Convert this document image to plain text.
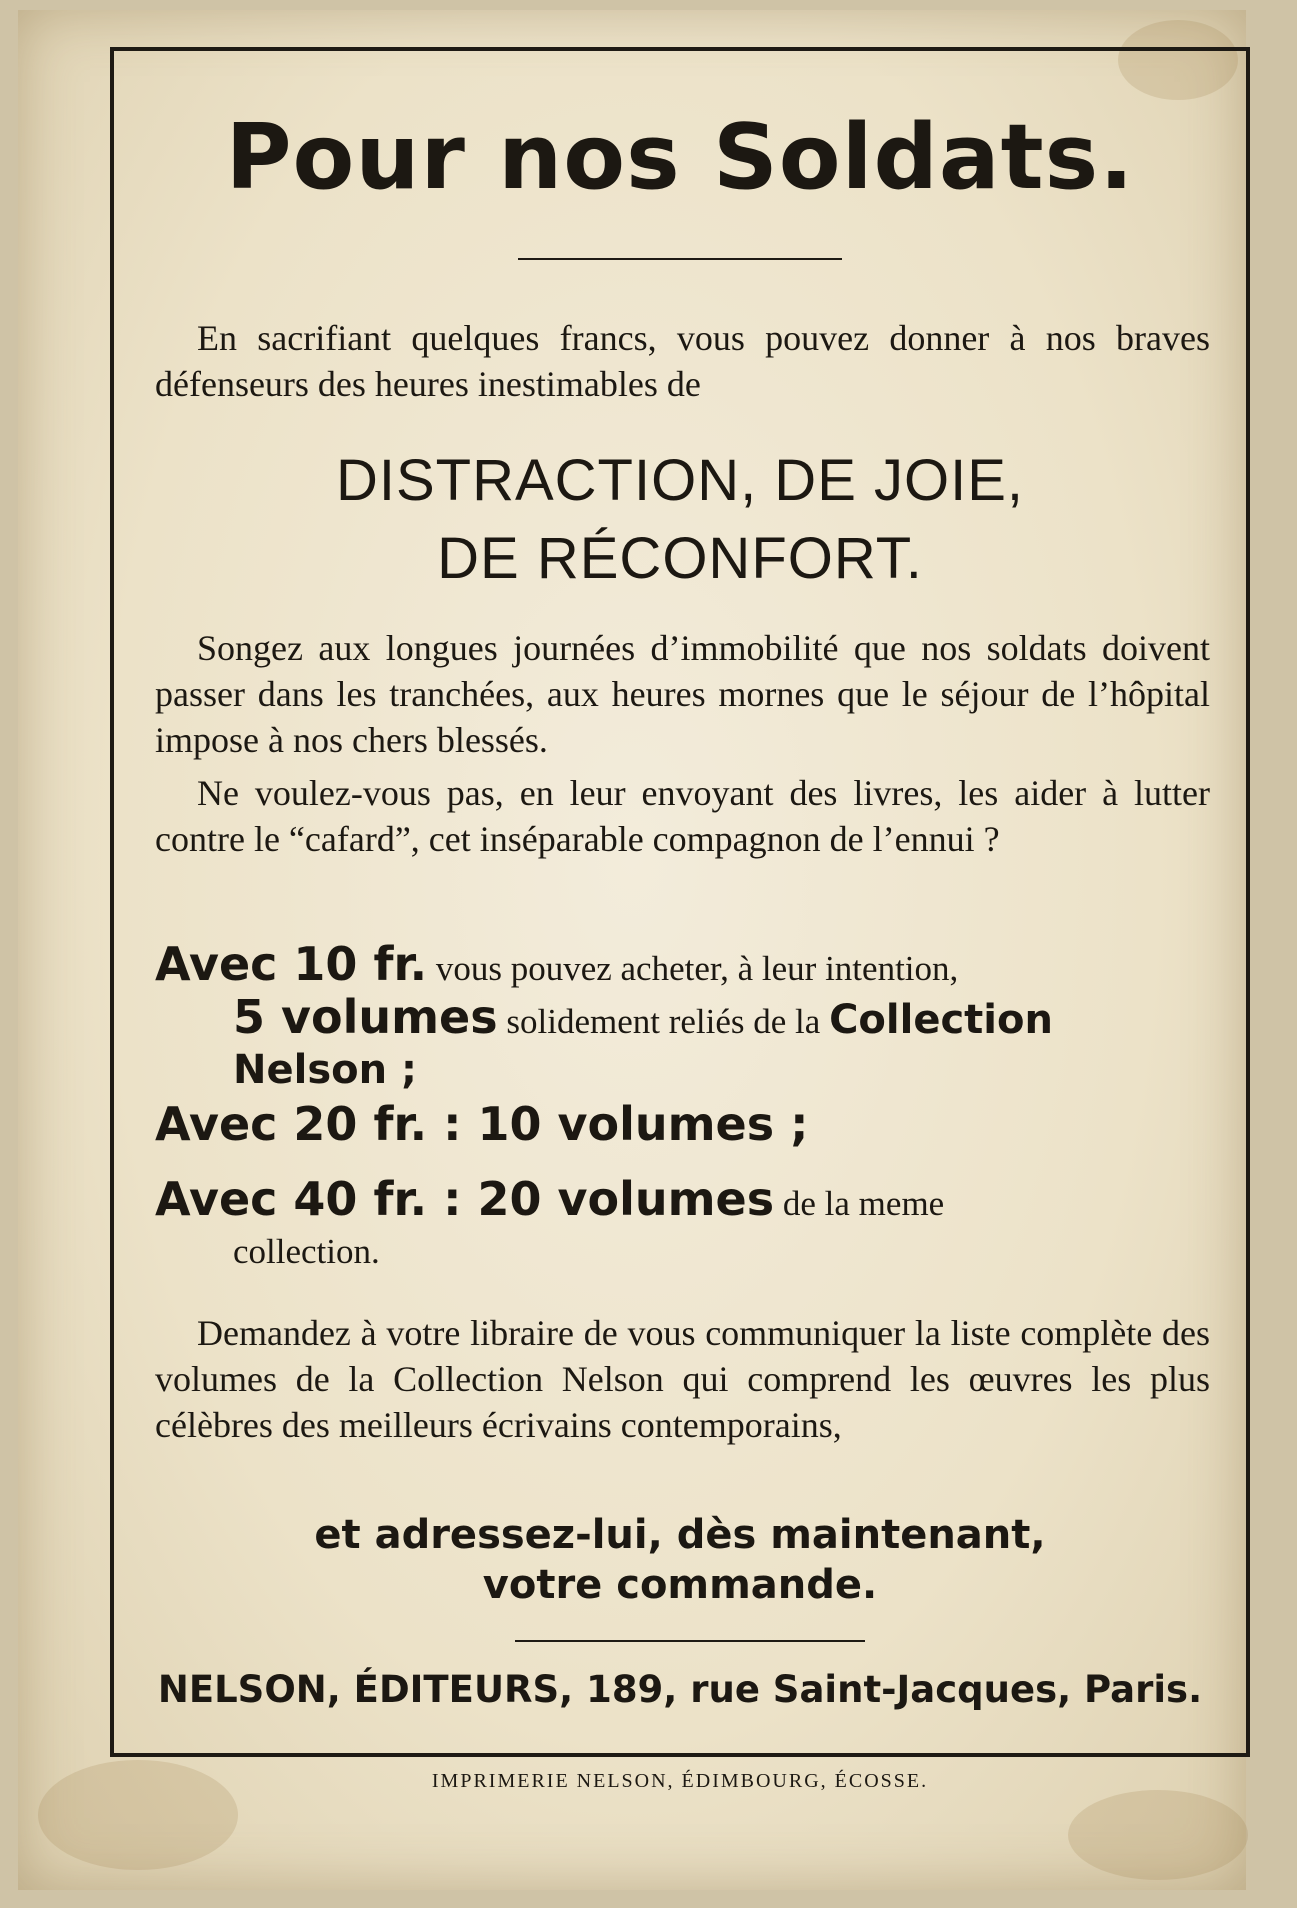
Pour nos Soldats.
En sacrifiant quelques francs, vous pouvez donner à nos braves défenseurs des heures inestimables de
DISTRACTION, DE JOIE,
DE RÉCONFORT.
Songez aux longues journées d’immobilité que nos soldats doivent passer dans les tranchées, aux heures mornes que le séjour de l’hôpital impose à nos chers blessés.
Ne voulez-vous pas, en leur envoyant des livres, les aider à lutter contre le “cafard”, cet inséparable compagnon de l’ennui ?
Avec 10 fr. vous pouvez acheter, à leur intention,
5 volumes solidement reliés de la Collection Nelson ;
Avec 20 fr. : 10 volumes ;
Avec 40 fr. : 20 volumes de la meme
collection.
Demandez à votre libraire de vous communiquer la liste complète des volumes de la Collection Nelson qui comprend les œuvres les plus célèbres des meilleurs écrivains contemporains,
et adressez-lui, dès maintenant,
votre commande.
NELSON, ÉDITEURS, 189, rue Saint-Jacques, Paris.
IMPRIMERIE NELSON, ÉDIMBOURG, ÉCOSSE.
